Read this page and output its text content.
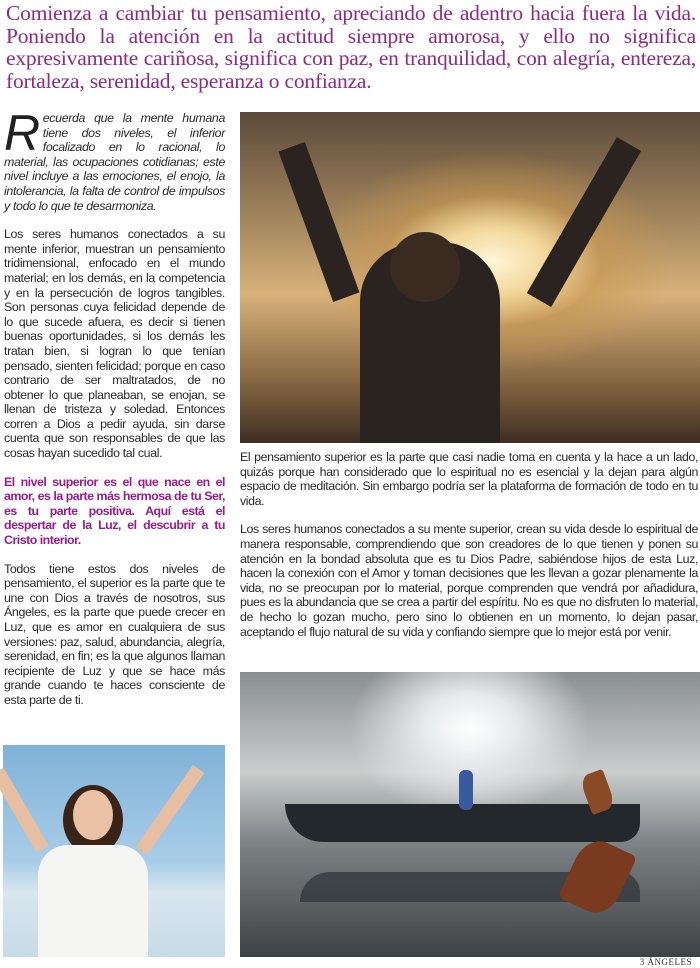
Comienza a cambiar tu pensamiento, apreciando de adentro hacia fuera la vida. Poniendo la atención en la actitud siempre amorosa, y ello no significa expresivamente cariñosa, significa con paz, en tranquilidad, con alegría, entereza, fortaleza, serenidad, esperanza o confianza.

Recuerda que la mente humana tiene dos niveles, el inferior focalizado en lo racional, lo material, las ocupaciones cotidianas; este nivel incluye a las emociones, el enojo, la intolerancia, la falta de control de impulsos y todo lo que te desarmoniza.

Los seres humanos conectados a su mente inferior, muestran un pensamiento tridimensional, enfocado en el mundo material; en los demás, en la competencia y en la persecución de logros tangibles. Son personas cuya felicidad depende de lo que sucede afuera, es decir si tienen buenas oportunidades, si los demás les tratan bien, si logran lo que tenían pensado, sienten felicidad; porque en caso contrario de ser maltratados, de no obtener lo que planeaban, se enojan, se llenan de tristeza y soledad. Entonces corren a Dios a pedir ayuda, sin darse cuenta que son responsables de que las cosas hayan sucedido tal cual.

El nivel superior es el que nace en el amor, es la parte más hermosa de tu Ser, es tu parte positiva. Aquí está el despertar de la Luz, el descubrir a tu Cristo interior.

Todos tiene estos dos niveles de pensamiento, el superior es la parte que te une con Dios a través de nosotros, sus Ángeles, es la parte que puede crecer en Luz, que es amor en cualquiera de sus versiones: paz, salud, abundancia, alegría, serenidad, en fin; es la que algunos llaman recipiente de Luz y que se hace más grande cuando te haces consciente de esta parte de ti.

El pensamiento superior es la parte que casi nadie toma en cuenta y la hace a un lado, quizás porque han considerado que lo espiritual no es esencial y la dejan para algún espacio de meditación. Sin embargo podría ser la plataforma de formación de todo en tu vida.

Los seres humanos conectados a su mente superior, crean su vida desde lo espiritual de manera responsable, comprendiendo que son creadores de lo que tienen y ponen su atención en la bondad absoluta que es tu Dios Padre, sabiéndose hijos de esta Luz, hacen la conexión con el Amor y toman decisiones que les llevan a gozar plenamente la vida, no se preocupan por lo material, porque comprenden que vendrá por añadidura, pues es la abundancia que se crea a partir del espíritu. No es que no disfruten lo material, de hecho lo gozan mucho, pero sino lo obtienen en un momento, lo dejan pasar, aceptando el flujo natural de su vida y confiando siempre que lo mejor está por venir.

3 ÁNGELES
